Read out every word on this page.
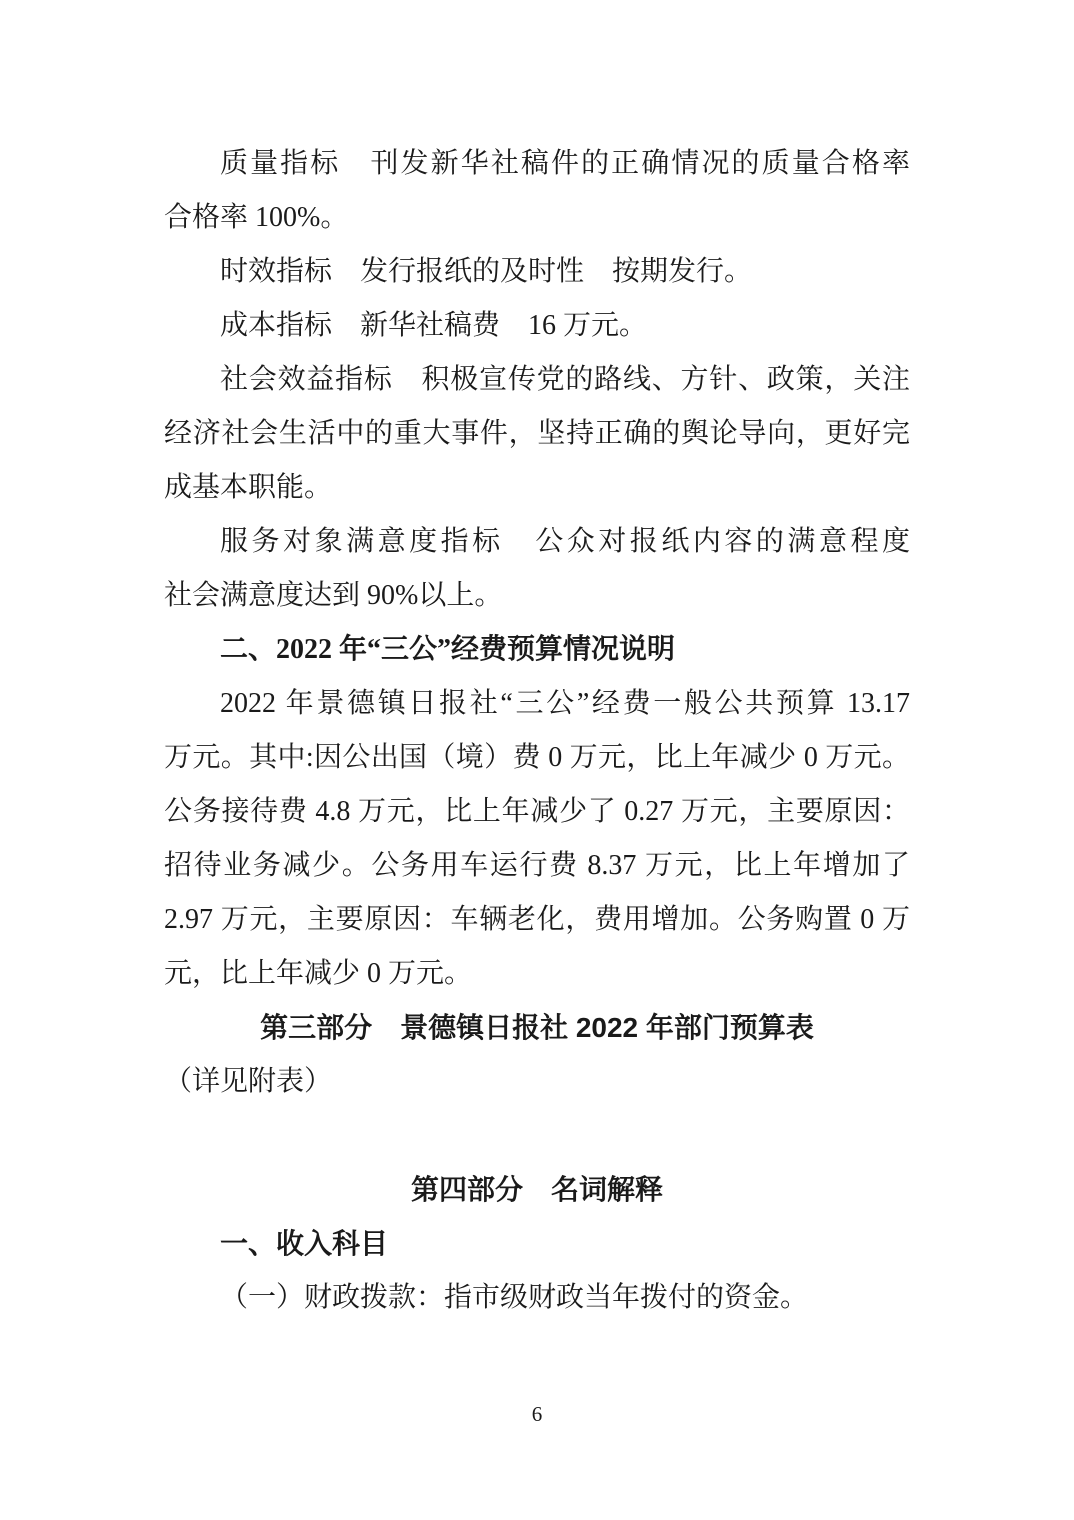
质量指标　刊发新华社稿件的正确情况的质量合格率
合格率 100%。
时效指标　发行报纸的及时性　按期发行。
成本指标　新华社稿费　16 万元。
社会效益指标　积极宣传党的路线、方针、政策，关注
经济社会生活中的重大事件，坚持正确的舆论导向，更好完
成基本职能。
服务对象满意度指标　公众对报纸内容的满意程度
社会满意度达到 90%以上。
二、2022 年“三公”经费预算情况说明
2022 年景德镇日报社“三公”经费一般公共预算 13.17
万元。其中:因公出国（境）费 0 万元，比上年减少 0 万元。
公务接待费 4.8 万元，比上年减少了 0.27 万元，主要原因：
招待业务减少。公务用车运行费 8.37 万元，比上年增加了
2.97 万元，主要原因：车辆老化，费用增加。公务购置 0 万
元，比上年减少 0 万元。
第三部分　景德镇日报社 2022 年部门预算表
（详见附表）
第四部分　名词解释
一、收入科目
（一）财政拨款：指市级财政当年拨付的资金。
6
